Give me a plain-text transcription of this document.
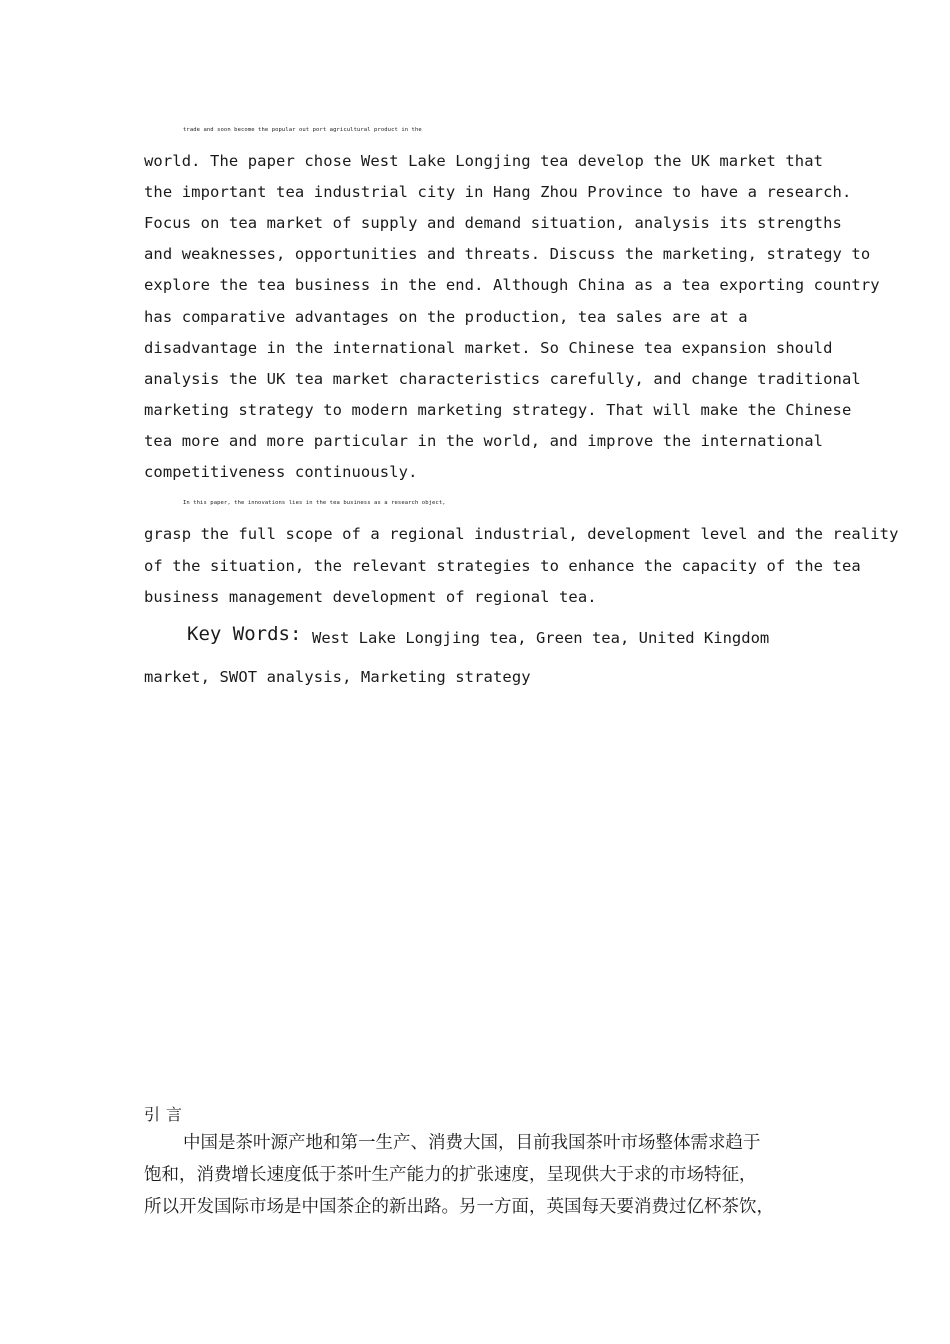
trade and soon become the popular out port agricultural product in the
world. The paper chose West Lake Longjing tea develop the UK market that
the important tea industrial city in Hang Zhou Province to have a research.
Focus on tea market of supply and demand situation, analysis its strengths
and weaknesses, opportunities and threats. Discuss the marketing, strategy to
explore the tea business in the end. Although China as a tea exporting country
has comparative advantages on the production, tea sales are at a
disadvantage in the international market. So Chinese tea expansion should
analysis the UK tea market characteristics carefully, and change traditional
marketing strategy to modern marketing strategy. That will make the Chinese
tea more and more particular in the world, and improve the international
competitiveness continuously.
In this paper, the innovations lies in the tea business as a research object,
grasp the full scope of a regional industrial, development level and the reality
of the situation, the relevant strategies to enhance the capacity of the tea
business management development of regional tea.
Key Words: West Lake Longjing tea, Green tea, United Kingdom
market, SWOT analysis, Marketing strategy
引言
中国是茶叶源产地和第一生产、消费大国，目前我国茶叶市场整体需求趋于
饱和，消费增长速度低于茶叶生产能力的扩张速度，呈现供大于求的市场特征，
所以开发国际市场是中国茶企的新出路。另一方面，英国每天要消费过亿杯茶饮，
